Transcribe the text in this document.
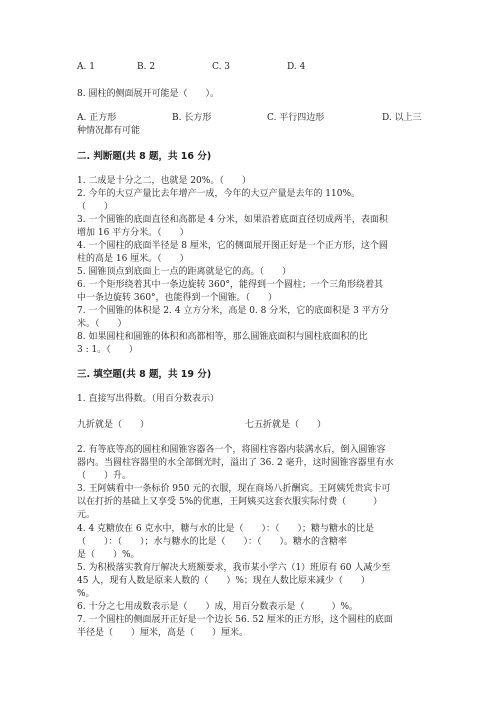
A. 1	B. 2	C. 3	D. 4
8. 圆柱的侧面展开可能是（　　）。
A. 正方形	B. 长方形	C. 平行四边形	D. 以上三
种情况都有可能
二. 判断题(共 8 题，共 16 分)
1. 二成是十分之二，也就是 20%。（　　）
2. 今年的大豆产量比去年增产一成，今年的大豆产量是去年的 110%。
（　　）
3. 一个圆锥的底面直径和高都是 4 分米，如果沿着底面直径切成两半，表面积
增加 16 平方分米。（　　）
4. 一个圆柱的底面半径是 8 厘米，它的侧面展开图正好是一个正方形，这个圆
柱的高是 16 厘米。（　　）
5. 圆锥顶点到底面上一点的距离就是它的高。（　　）
6. 一个矩形绕着其中一条边旋转 360°，能得到一个圆柱；一个三角形绕着其
中一条边旋转 360°，也能得到一个圆锥。（　　）
7. 一个圆锥的体积是 2. 4 立方分米，高是 0. 8 分米，它的底面积是 3 平方分
米。（　　）
8. 如果圆柱和圆锥的体积和高都相等，那么圆锥底面积与圆柱底面积的比
3 : 1。（　　）
三. 填空题(共 8 题，共 19 分)
1. 直接写出得数。（用百分数表示）
九折就是（　　）	七五折就是（　　）
2. 有等底等高的圆柱和圆锥容器各一个，将圆柱容器内装满水后，倒入圆锥容
器内。当圆柱容器里的水全部倒光时，溢出了 36. 2 毫升，这时圆锥容器里有水
（　　）升。
3. 王阿姨看中一条标价 950 元的衣服，现在商场八折酬宾。王阿姨凭贵宾卡可
以在打折的基础上又享受 5%的优惠，王阿姨买这套衣服实际付费（　　　）
元。
4. 4 克糖放在 6 克水中，糖与水的比是（　　）：（　　）；糖与糖水的比是
（　　）：（　　）；水与糖水的比是（　　）：（　　）。糖水的含糖率
是（　　）%。
5. 为积极落实教育厅解决大班额要求，我市某小学六（1）班原有 60 人减少至
45 人，现有人数是原来人数的（　　）%；现在人数比原来减少（　　）
%。
6. 十分之七用成数表示是（　　）成，用百分数表示是（　　　）%。
7. 一个圆柱的侧面展开正好是一个边长 56. 52 厘米的正方形，这个圆柱的底面
半径是（　　）厘米，高是（　　）厘米。
